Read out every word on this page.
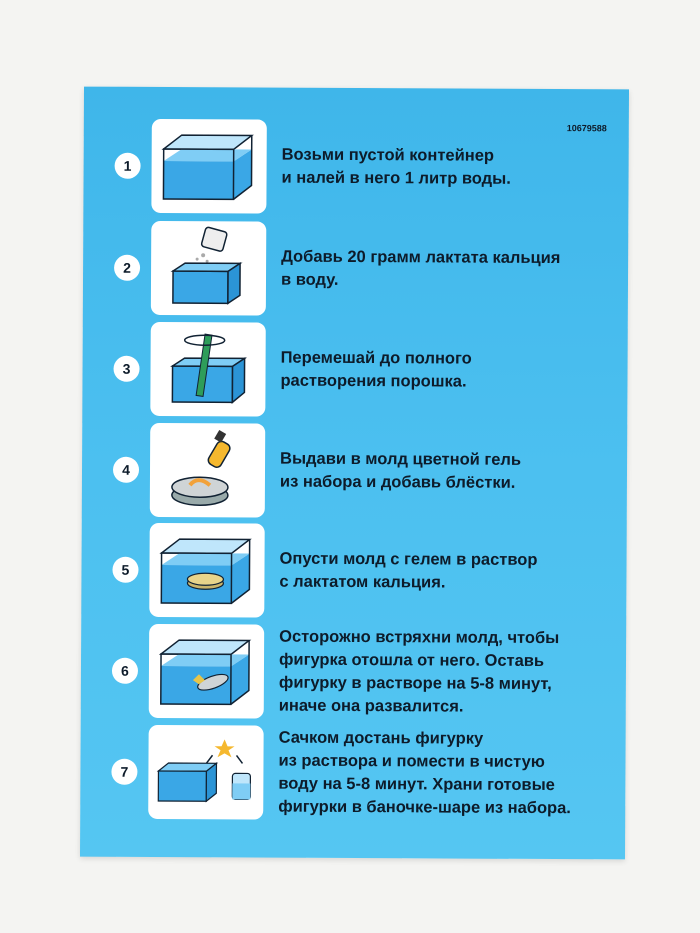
10679588
1
Возьми пустой контейнер
и налей в него 1 литр воды.
2
Добавь 20 грамм лактата кальция
в воду.
3
Перемешай до полного
растворения порошка.
4
Выдави в молд цветной гель
из набора и добавь блёстки.
5
Опусти молд с гелем в раствор
с лактатом кальция.
6
Осторожно встряхни молд, чтобы
фигурка отошла от него. Оставь
фигурку в растворе на 5-8 минут,
иначе она развалится.
7
Сачком достань фигурку
из раствора и помести в чистую
воду на 5-8 минут. Храни готовые
фигурки в баночке-шаре из набора.
